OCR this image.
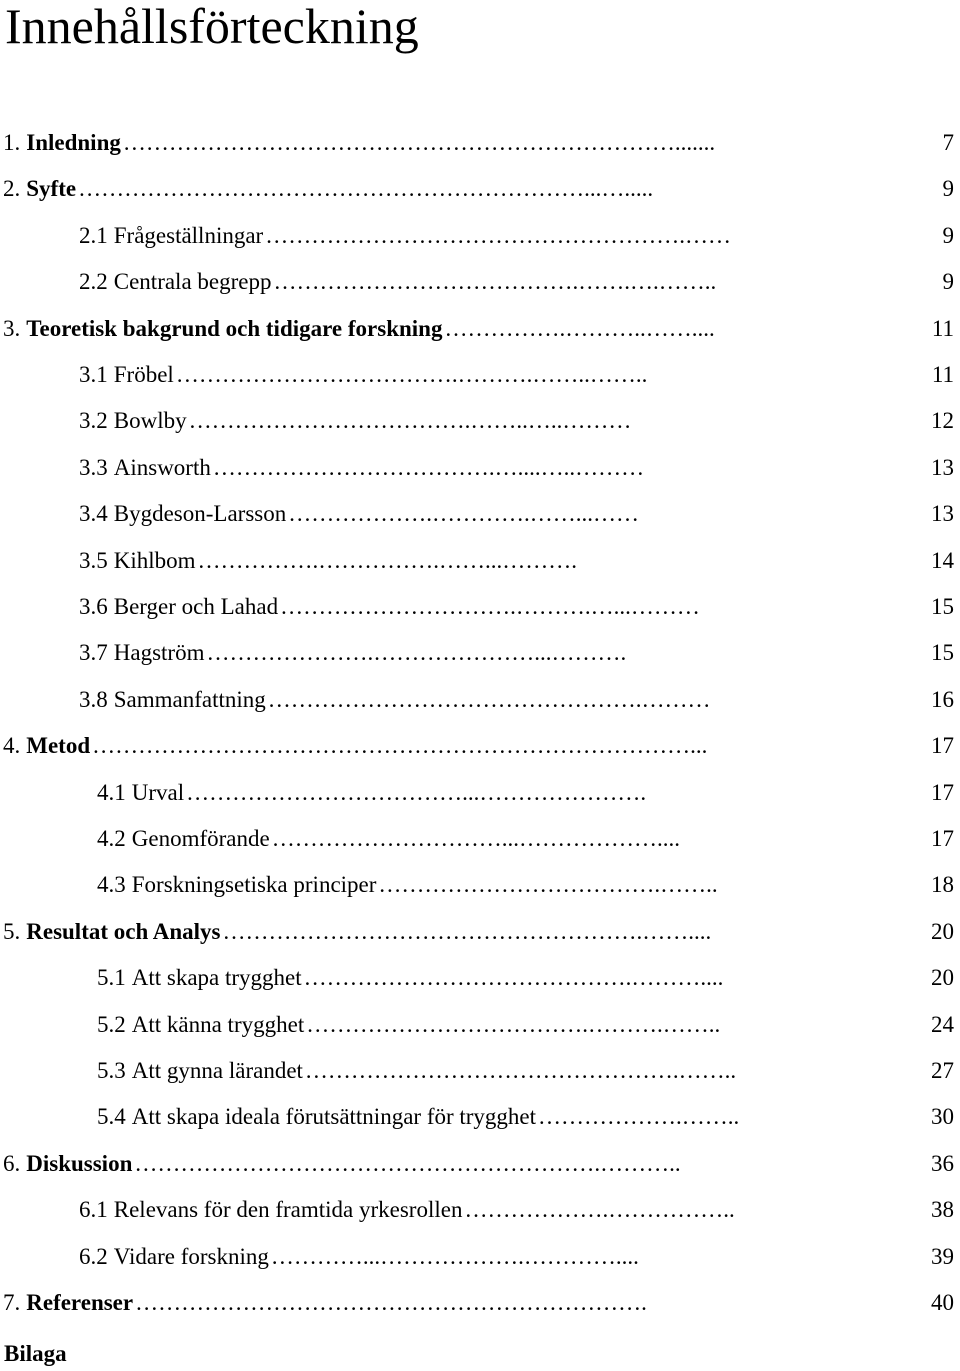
Innehållsförteckning
1. Inledning ……………………………………………………………….......	7
2. Syfte …………………………………………………………...….....	9
2.1 Frågeställningar ……………………………………………….……	9
2.2 Centrala begrepp ………………………………….…….….……..	9
3. Teoretisk bakgrund och tidigare forskning …………….………..……....	11
3.1 Fröbel ……………………………….……….……..……..	11
3.2 Bowlby ……………………………….……..…..………	12
3.3 Ainsworth ……………………………….…....…..………	13
3.4 Bygdeson-Larsson ……………….………….……...……	13
3.5 Kihlbom …………….…………….……...……….	14
3.6 Berger och Lahad ………………………….……….…...………	15
3.7 Hagström ………………….…………………...……….	15
3.8 Sammanfattning ………………………………………….………	16
4. Metod ……………………………………………………………………...	17
4.1 Urval ………………………………...………………….	17
4.2 Genomförande …………………………...………………....	17
4.3 Forskningsetiska principer ……………………………….……..	18
5. Resultat och Analys ……………………………………………….……....	20
5.1 Att skapa trygghet …………………………………….………....	20
5.2 Att känna trygghet ……………………………….……….……..	24
5.3 Att gynna lärandet ………………………………………….……..	27
5.4 Att skapa ideala förutsättningar för trygghet ……………….……..	30
6. Diskussion …………………………………………………….………..	36
6.1 Relevans för den framtida yrkesrollen ……………….……………..	38
6.2 Vidare forskning …………...……………….…………....	39
7. Referenser ………………………………………………………….	40
Bilaga
